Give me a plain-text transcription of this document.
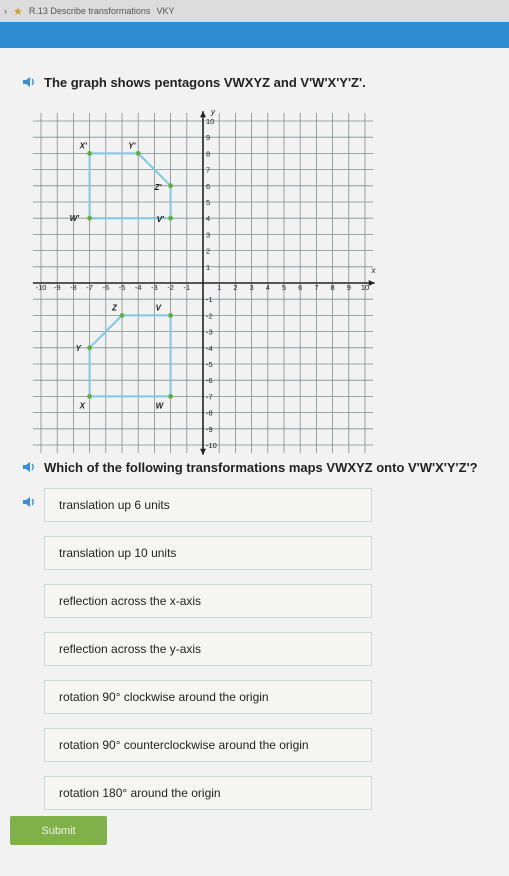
› ★ R.13 Describe transformations VKY
The graph shows pentagons VWXYZ and V'W'X'Y'Z'.
x
y
-10 -9 -8 -7 -6 -5 -4 -3 -2 -1	1 2 3 4 5 6 7 8 9 10
10
9
8
7
6
5
4
3
2
1
-1
-2
-3
-4
-5
-6
-7
-8
-9
-10
V
W
X
Y
Z
V'
W'
X'	Y'
Z'
Which of the following transformations maps VWXYZ onto V'W'X'Y'Z'?
translation up 6 units
translation up 10 units
reflection across the x-axis
reflection across the y-axis
rotation 90° clockwise around the origin
rotation 90° counterclockwise around the origin
rotation 180° around the origin
Submit
